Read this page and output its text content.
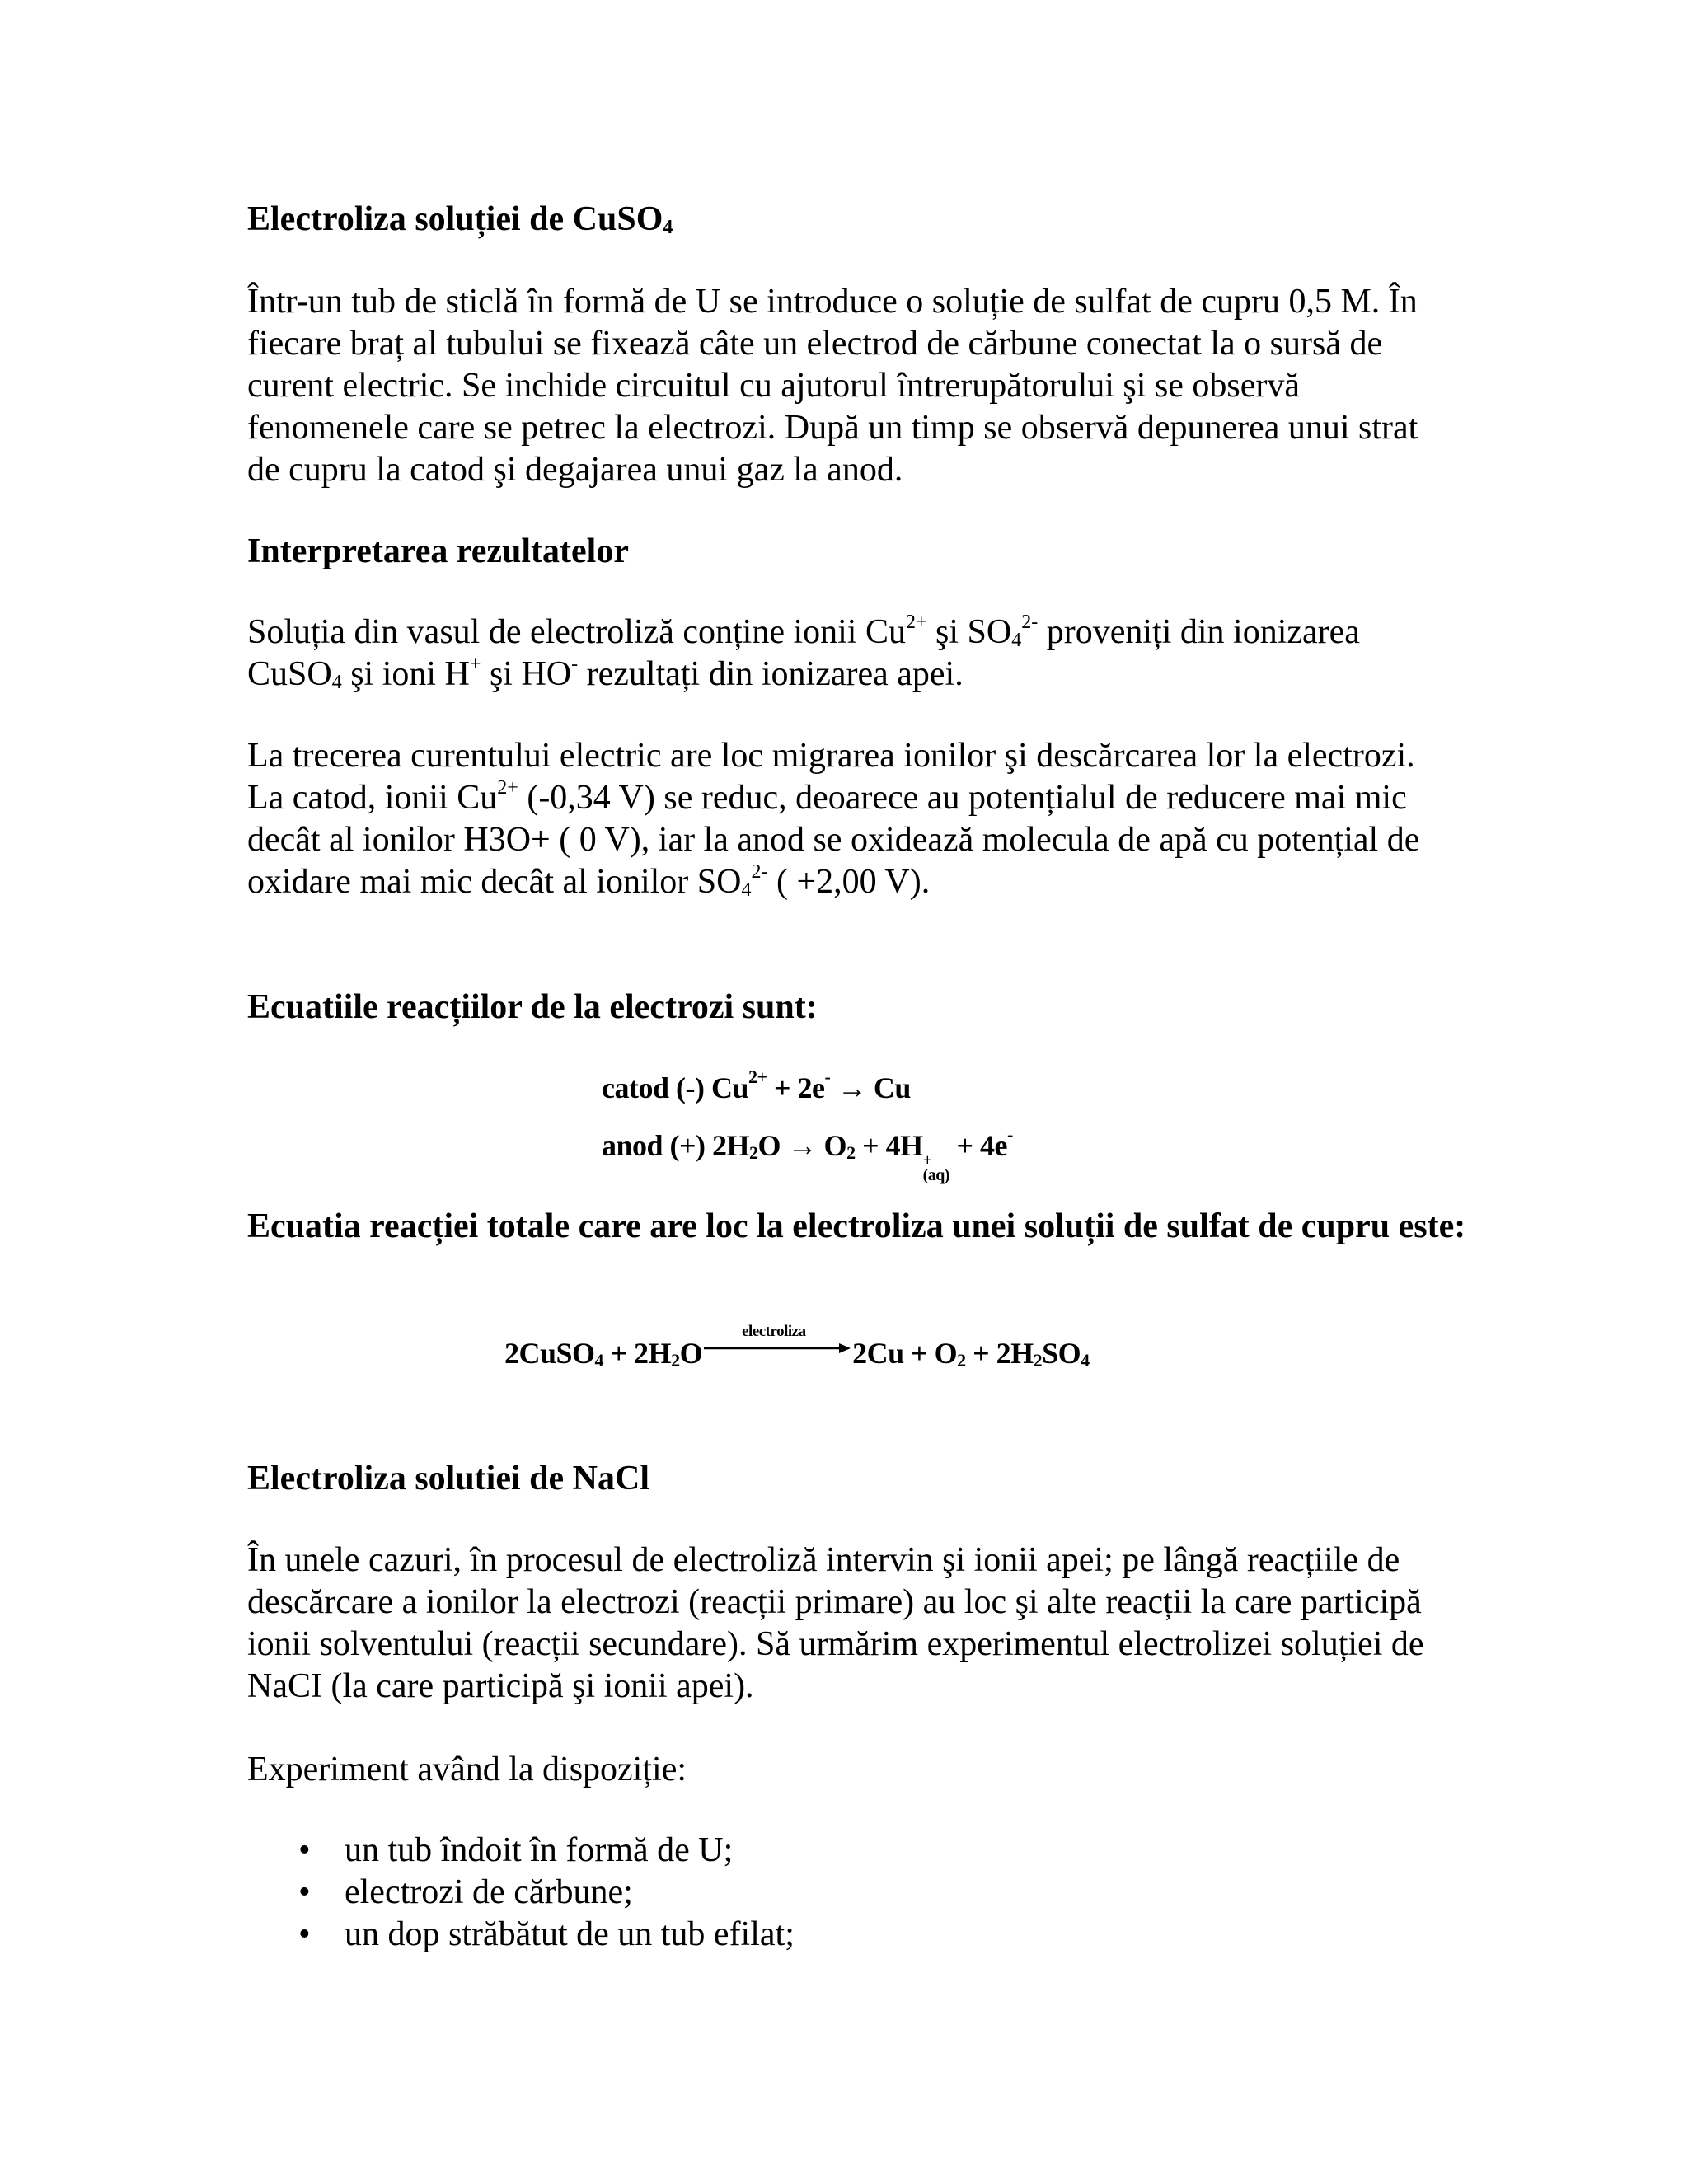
Electroliza soluției de CuSO$_4$

Într-un tub de sticlă în formă de U se introduce o soluție de sulfat de cupru 0,5 M. În fiecare braț al tubului se fixează câte un electrod de cărbune conectat la o sursă de curent electric. Se inchide circuitul cu ajutorul întrerupătorului şi se observă fenomenele care se petrec la electrozi. După un timp se observă depunerea unui strat de cupru la catod şi degajarea unui gaz la anod.

Interpretarea rezultatelor

Soluția din vasul de electroliză conține ionii $Cu^{2+}$ şi $SO_4^{2-}$ proveniți din ionizarea CuSO$_4$ şi ioni H+ şi HO- rezultați din ionizarea apei.

La trecerea curentului electric are loc migrarea ionilor şi descărcarea lor la electrozi. La catod, ionii $Cu^{2+}$ (-0,34 V) se reduc, deoarece au potențialul de reducere mai mic decât al ionilor H3O+ ( 0 V), iar la anod se oxidează molecula de apă cu potențial de oxidare mai mic decât al ionilor $SO_4^{2-}$ ( +2,00 V).

Ecuatiile reacțiilor de la electrozi sunt:
catod (-) $Cu^{2+} + 2e^- \to Cu$
anod (+) $2H_2O \to O_2 + 4H$ +
(aq)
+ 4e-
Ecuatia reacției totale care are loc la electroliza unei soluții de sulfat de cupru este:
2CuSO$_4$ + $2H_2O$
electroliza
$2Cu + O_2 + 2H_2SO_4$
Electroliza solutiei de NaCl

În unele cazuri, în procesul de electroliză intervin şi ionii apei; pe lângă reacțiile de descărcare a ionilor la electrozi (reacții primare) au loc şi alte reacții la care participă ionii solventului (reacții secundare). Să urmărim experimentul electrolizei soluției de NaCI (la care participă şi ionii apei).

Experiment având la dispoziție:

• un tub îndoit în formă de U;
• electrozi de cărbune;
• un dop străbătut de un tub efilat;
